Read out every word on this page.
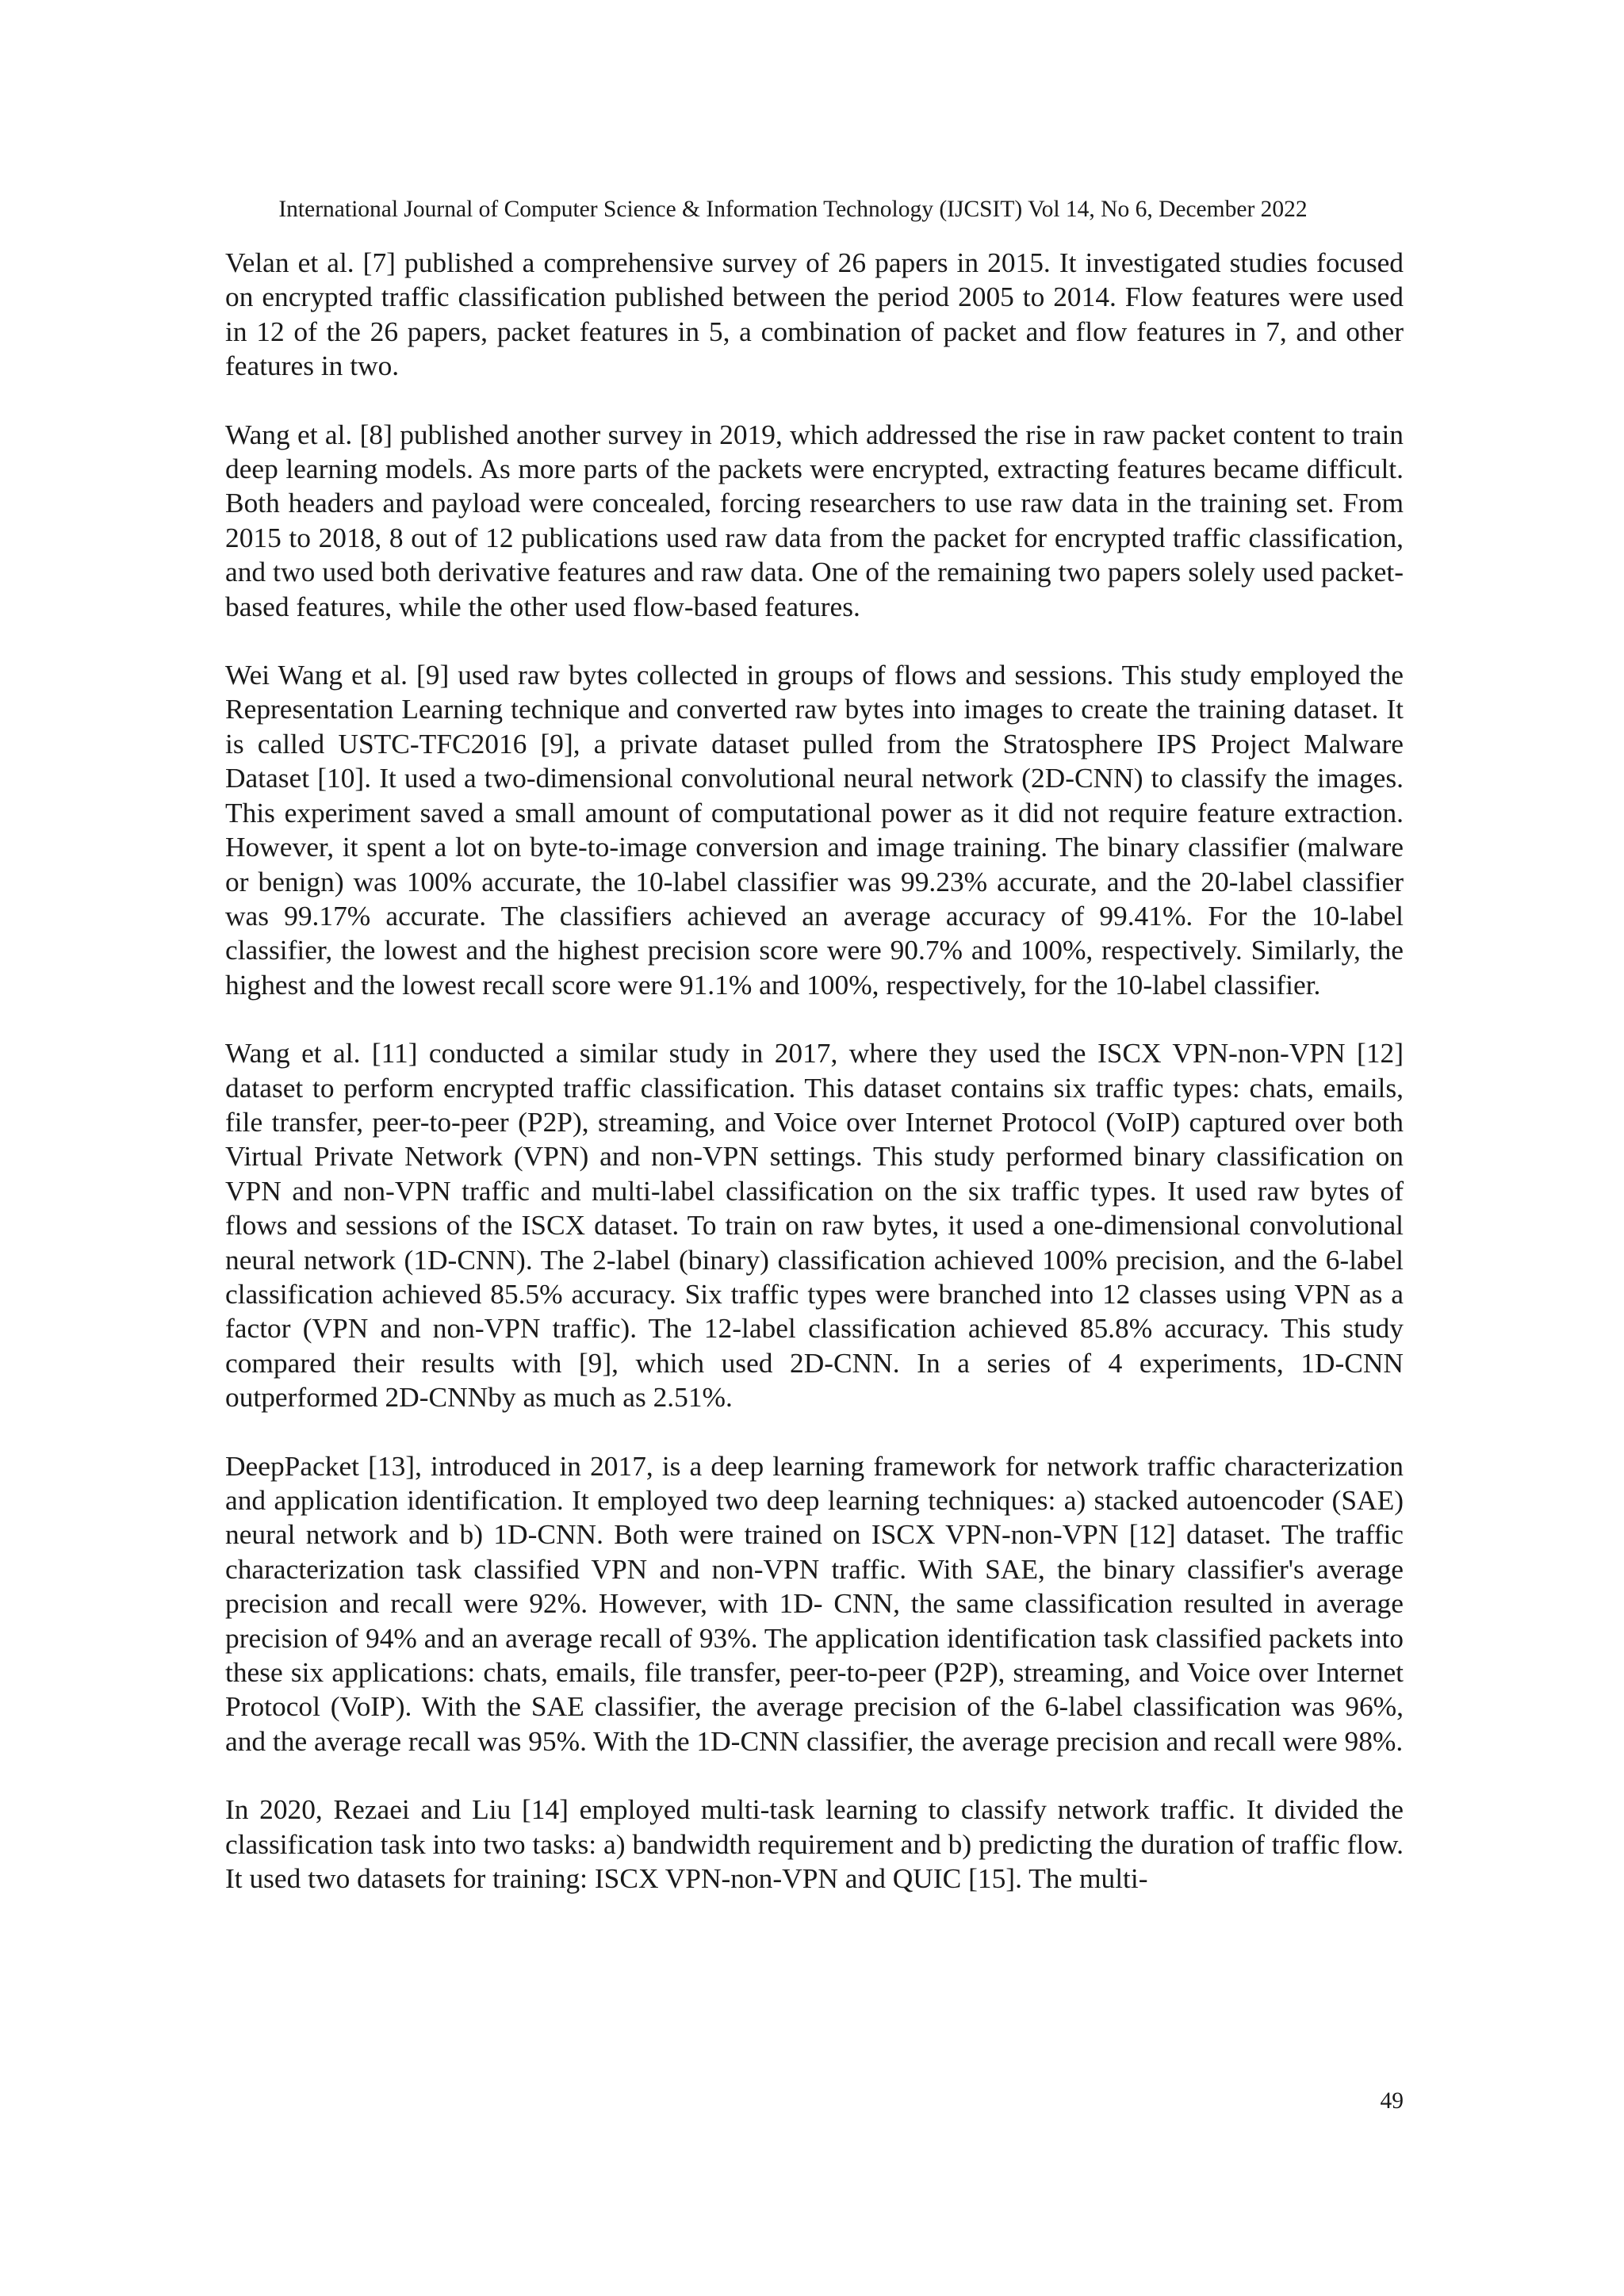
International Journal of Computer Science & Information Technology (IJCSIT) Vol 14, No 6, December 2022

Velan et al. [7] published a comprehensive survey of 26 papers in 2015. It investigated studies focused on encrypted traffic classification published between the period 2005 to 2014. Flow features were used in 12 of the 26 papers, packet features in 5, a combination of packet and flow features in 7, and other features in two.

Wang et al. [8] published another survey in 2019, which addressed the rise in raw packet content to train deep learning models. As more parts of the packets were encrypted, extracting features became difficult. Both headers and payload were concealed, forcing researchers to use raw data in the training set. From 2015 to 2018, 8 out of 12 publications used raw data from the packet for encrypted traffic classification, and two used both derivative features and raw data. One of the remaining two papers solely used packet-based features, while the other used flow-based features.

Wei Wang et al. [9] used raw bytes collected in groups of flows and sessions. This study employed the Representation Learning technique and converted raw bytes into images to create the training dataset. It is called USTC-TFC2016 [9], a private dataset pulled from the Stratosphere IPS Project Malware Dataset [10]. It used a two-dimensional convolutional neural network (2D-CNN) to classify the images. This experiment saved a small amount of computational power as it did not require feature extraction. However, it spent a lot on byte-to-image conversion and image training. The binary classifier (malware or benign) was 100% accurate, the 10-label classifier was 99.23% accurate, and the 20-label classifier was 99.17% accurate. The classifiers achieved an average accuracy of 99.41%. For the 10-label classifier, the lowest and the highest precision score were 90.7% and 100%, respectively. Similarly, the highest and the lowest recall score were 91.1% and 100%, respectively, for the 10-label classifier.

Wang et al. [11] conducted a similar study in 2017, where they used the ISCX VPN-non-VPN [12] dataset to perform encrypted traffic classification. This dataset contains six traffic types: chats, emails, file transfer, peer-to-peer (P2P), streaming, and Voice over Internet Protocol (VoIP) captured over both Virtual Private Network (VPN) and non-VPN settings. This study performed binary classification on VPN and non-VPN traffic and multi-label classification on the six traffic types. It used raw bytes of flows and sessions of the ISCX dataset. To train on raw bytes, it used a one-dimensional convolutional neural network (1D-CNN). The 2-label (binary) classification achieved 100% precision, and the 6-label classification achieved 85.5% accuracy. Six traffic types were branched into 12 classes using VPN as a factor (VPN and non-VPN traffic). The 12-label classification achieved 85.8% accuracy. This study compared their results with [9], which used 2D-CNN. In a series of 4 experiments, 1D-CNN outperformed 2D-CNNby as much as 2.51%.

DeepPacket [13], introduced in 2017, is a deep learning framework for network traffic characterization and application identification. It employed two deep learning techniques: a) stacked autoencoder (SAE) neural network and b) 1D-CNN. Both were trained on ISCX VPN-non-VPN [12] dataset. The traffic characterization task classified VPN and non-VPN traffic. With SAE, the binary classifier's average precision and recall were 92%. However, with 1D- CNN, the same classification resulted in average precision of 94% and an average recall of 93%. The application identification task classified packets into these six applications: chats, emails, file transfer, peer-to-peer (P2P), streaming, and Voice over Internet Protocol (VoIP). With the SAE classifier, the average precision of the 6-label classification was 96%, and the average recall was 95%. With the 1D-CNN classifier, the average precision and recall were 98%.

In 2020, Rezaei and Liu [14] employed multi-task learning to classify network traffic. It divided the classification task into two tasks: a) bandwidth requirement and b) predicting the duration of traffic flow. It used two datasets for training: ISCX VPN-non-VPN and QUIC [15]. The multi-

49
